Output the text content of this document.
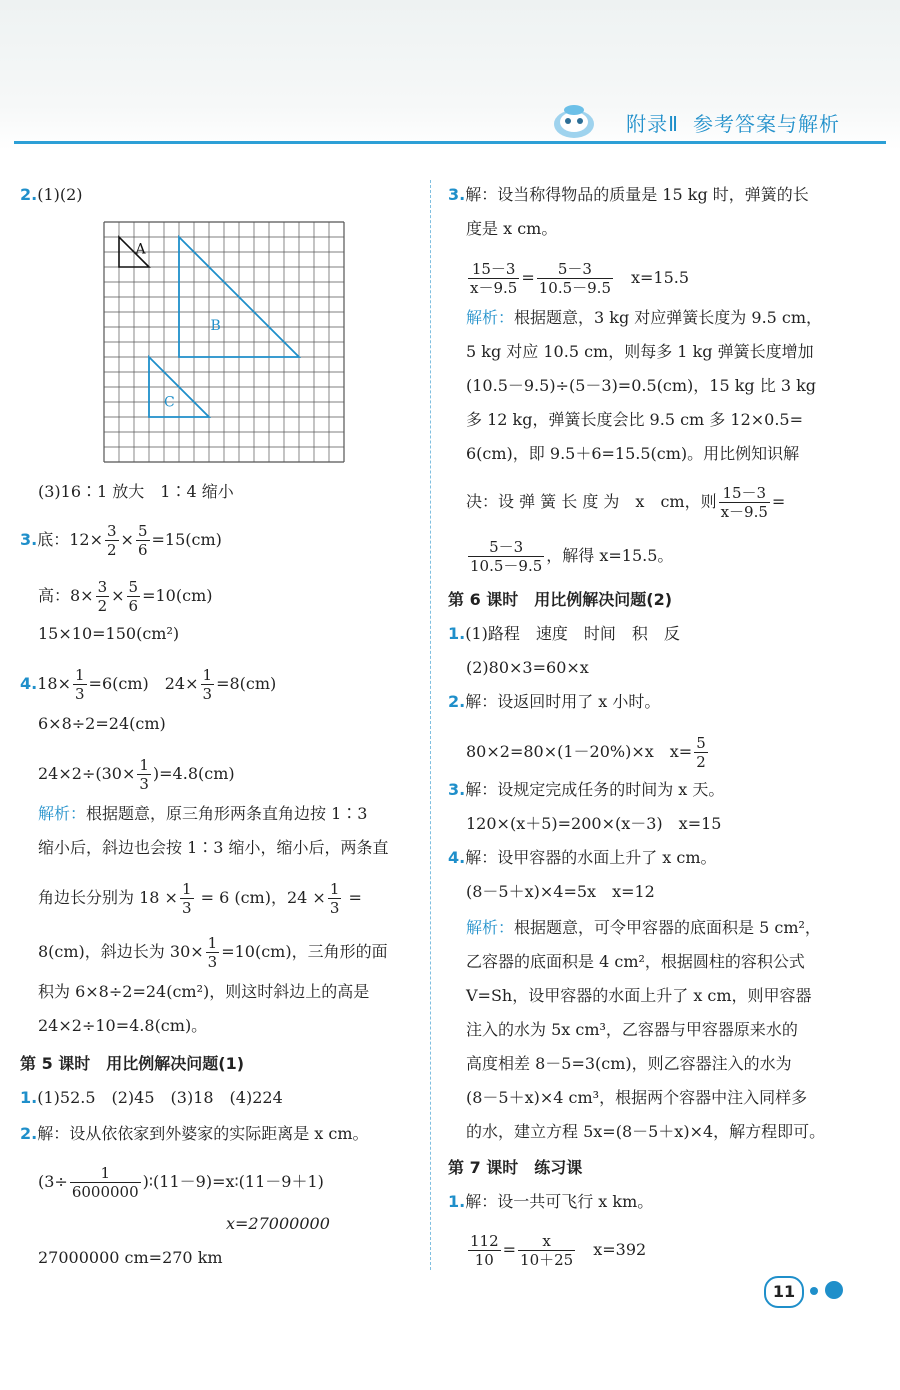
附录Ⅱ 参考答案与解析
2.(1)(2)
A
B
C
(3)16∶1 放大　1∶4 缩小
3.底：$12\times \frac{3}{2} \times \frac{5}{6} =15(cm)$
高：$8\times \frac{3}{2} \times \frac{5}{6} =10(cm)$
15×10=150(cm²)
$4.18\times \frac{1}{3} =6(cm)$　$24\times \frac{1}{3} =8(cm)$
6×8÷2=24(cm)
$24\times 2\div(30\times \frac{1}{3} )=4.8(cm)$
解析：根据题意，原三角形两条直角边按 1∶3
缩小后，斜边也会按 1∶3 缩小，缩小后，两条直
角边长分别为 $18 \times \frac{1}{3} = 6$ (cm)，$24 \times \frac{1}{3}$ =
8(cm)，斜边长为 $30\times \frac{1}{3} =10(cm)$，三角形的面
积为 6×8÷2=24(cm²)，则这时斜边上的高是
24×2÷10=4.8(cm)。
第 5 课时　用比例解决问题(1)
1.(1)52.5　(2)45　(3)18　(4)224
2.解：设从依依家到外婆家的实际距离是 x cm。
($3\div \frac{1}{6000000}$ )∶(11－9)=x∶(11－9＋1)
x=27000000
27000000 cm=270 km
3.解：设当称得物品的质量是 15 kg 时，弹簧的长
度是 x cm。
$\frac{15-3}{x-9.5} = \frac{5-3}{10.5-9.5}$ 　x=15.5
解析：根据题意，3 kg 对应弹簧长度为 9.5 cm，
5 kg 对应 10.5 cm，则每多 1 kg 弹簧长度增加
(10.5－9.5)÷(5－3)=0.5(cm)，15 kg 比 3 kg
多 12 kg，弹簧长度会比 9.5 cm 多 12×0.5=
6(cm)，即 9.5＋6=15.5(cm)。用比例知识解
决：设 弹 簧 长 度 为　x　cm，则 $\frac{15-3}{x-9.5}$ =
$\frac{5-3}{10.5-9.5}$ ，解得 x=15.5。
第 6 课时　用比例解决问题(2)
1.(1)路程　速度　时间　积　反
(2)80×3=60×x
2.解：设返回时用了 x 小时。
80×2=80×(1－20%)×x　$x= \frac{5}{2}$
3.解：设规定完成任务的时间为 x 天。
120×(x＋5)=200×(x－3)　x=15
4.解：设甲容器的水面上升了 x cm。
(8－5＋x)×4=5x　x=12
解析：根据题意，可令甲容器的底面积是 5 cm²，
乙容器的底面积是 4 cm²，根据圆柱的容积公式
V=Sh，设甲容器的水面上升了 x cm，则甲容器
注入的水为 5x cm³，乙容器与甲容器原来水的
高度相差 8－5=3(cm)，则乙容器注入的水为
(8－5＋x)×4 cm³，根据两个容器中注入同样多
的水，建立方程 5x=(8－5＋x)×4，解方程即可。
第 7 课时　练习课
1.解：设一共可飞行 x km。
$\frac{112}{10} = \frac{x}{10+25}$ 　x=392
11
